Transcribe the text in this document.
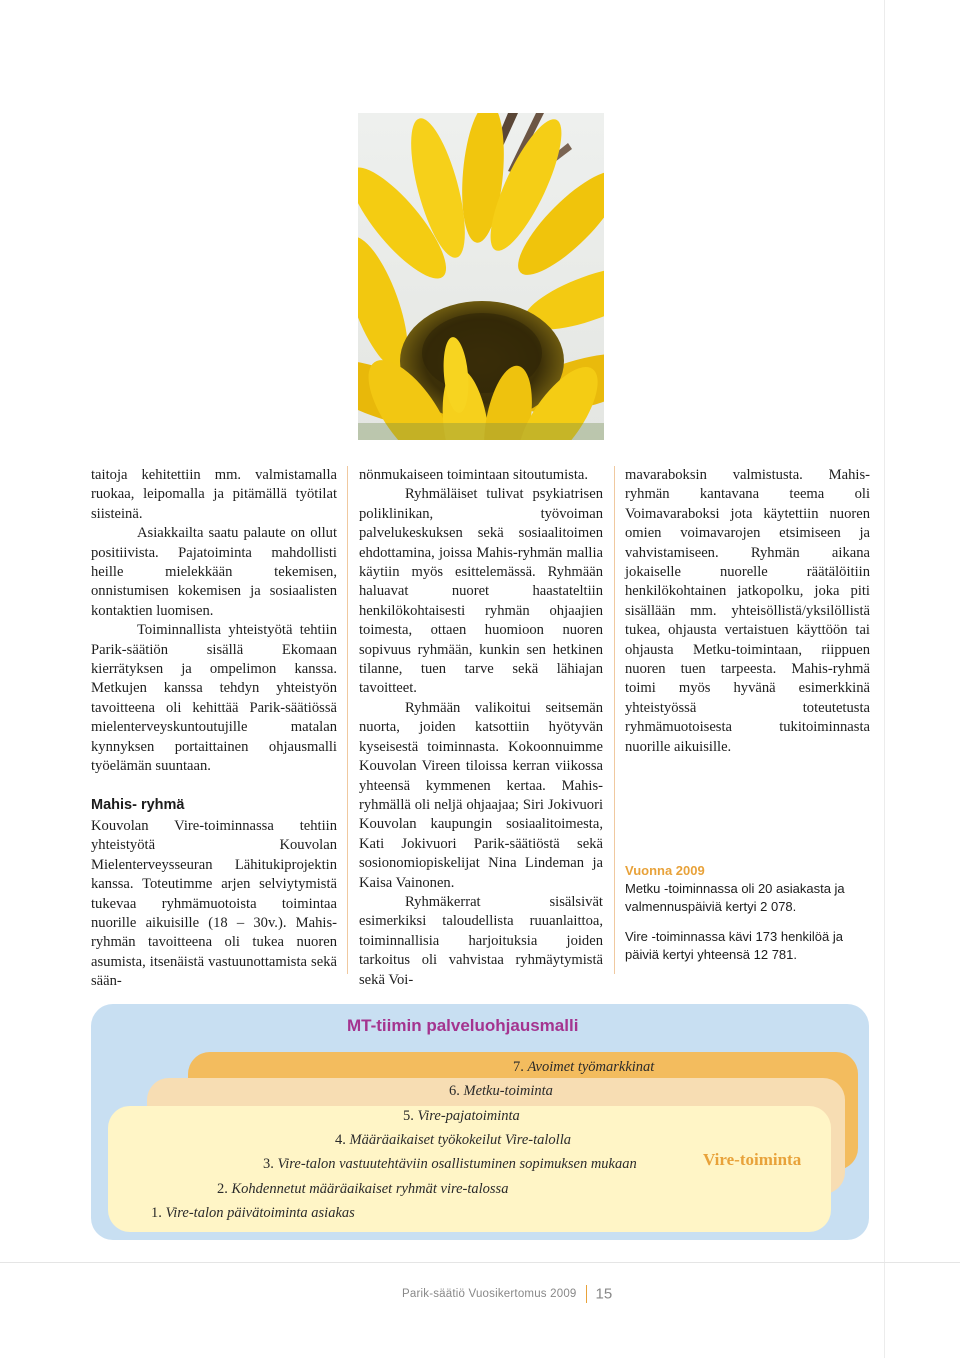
taitoja kehitettiin mm. valmistamalla ruokaa, leipomalla ja pitämällä työtilat siisteinä.

Asiakkailta saatu palaute on ollut positiivista. Pajatoiminta mahdollisti heille mielekkään tekemisen, onnistumisen kokemisen ja sosiaalisten kontaktien luomisen.

Toiminnallista yhteistyötä tehtiin Parik-säätiön sisällä Ekomaan kierrätyksen ja ompelimon kanssa. Metkujen kanssa tehdyn yhteistyön tavoitteena oli kehittää Parik-säätiössä mielenterveyskuntoutujille matalan kynnyksen portaittainen ohjausmalli työelämän suuntaan.

Mahis- ryhmä

Kouvolan Vire-toiminnassa tehtiin yhteistyötä Kouvolan Mielenterveysseuran Lähitukiprojektin kanssa. Toteutimme arjen selviytymistä tukevaa ryhmämuotoista toimintaa nuorille aikuisille (18 – 30v.). Mahis-ryhmän tavoitteena oli tukea nuoren asumista, itsenäistä vastuunottamista sekä sään-

nönmukaiseen toimintaan sitoutumista.

Ryhmäläiset tulivat psykiatrisen poliklinikan, työvoiman palvelukeskuksen sekä sosiaalitoimen ehdottamina, joissa Mahis-ryhmän mallia käytiin myös esittelemässä. Ryhmään haluavat nuoret haastateltiin henkilökohtaisesti ryhmän ohjaajien toimesta, ottaen huomioon nuoren sopivuus ryhmään, kunkin sen hetkinen tilanne, tuen tarve sekä lähiajan tavoitteet.

Ryhmään valikoitui seitsemän nuorta, joiden katsottiin hyötyvän kyseisestä toiminnasta. Kokoonnuimme Kouvolan Vireen tiloissa kerran viikossa yhteensä kymmenen kertaa. Mahis-ryhmällä oli neljä ohjaajaa; Siri Jokivuori Kouvolan kaupungin sosiaalitoimesta, Kati Jokivuori Parik-säätiöstä sekä sosionomiopiskelijat Nina Lindeman ja Kaisa Vainonen.

Ryhmäkerrat sisälsivät esimerkiksi taloudellista ruuanlaittoa, toiminnallisia harjoituksia joiden tarkoitus oli vahvistaa ryhmäytymistä sekä Voi-

mavaraboksin valmistusta. Mahis-ryhmän kantavana teema oli Voimavaraboksi jota käytettiin nuoren omien voimavarojen etsimiseen ja vahvistamiseen. Ryhmän aikana jokaiselle nuorelle räätälöitiin henkilökohtainen jatkopolku, joka piti sisällään mm. yhteisöllistä/yksilöllistä tukea, ohjausta vertaistuen käyttöön tai ohjausta Metku-toimintaan, riippuen nuoren tuen tarpeesta. Mahis-ryhmä toimi myös hyvänä esimerkkinä yhteistyössä toteutetusta ryhmämuotoisesta tukitoiminnasta nuorille aikuisille.

Vuonna 2009

Metku -toiminnassa oli 20 asiakasta ja valmennuspäiviä kertyi 2 078.

Vire -toiminnassa kävi 173 henkilöä ja päiviä kertyi yhteensä 12 781.

MT-tiimin palveluohjausmalli
7. Avoimet työmarkkinat
6. Metku-toiminta
5. Vire-pajatoiminta
4. Määräaikaiset työkokeilut Vire-talolla
3. Vire-talon vastuutehtäviin osallistuminen sopimuksen mukaan
2. Kohdennetut määräaikaiset ryhmät vire-talossa
1. Vire-talon päivätoiminta asiakas
Vire-toiminta
Parik-säätiö Vuosikertomus 2009 15
